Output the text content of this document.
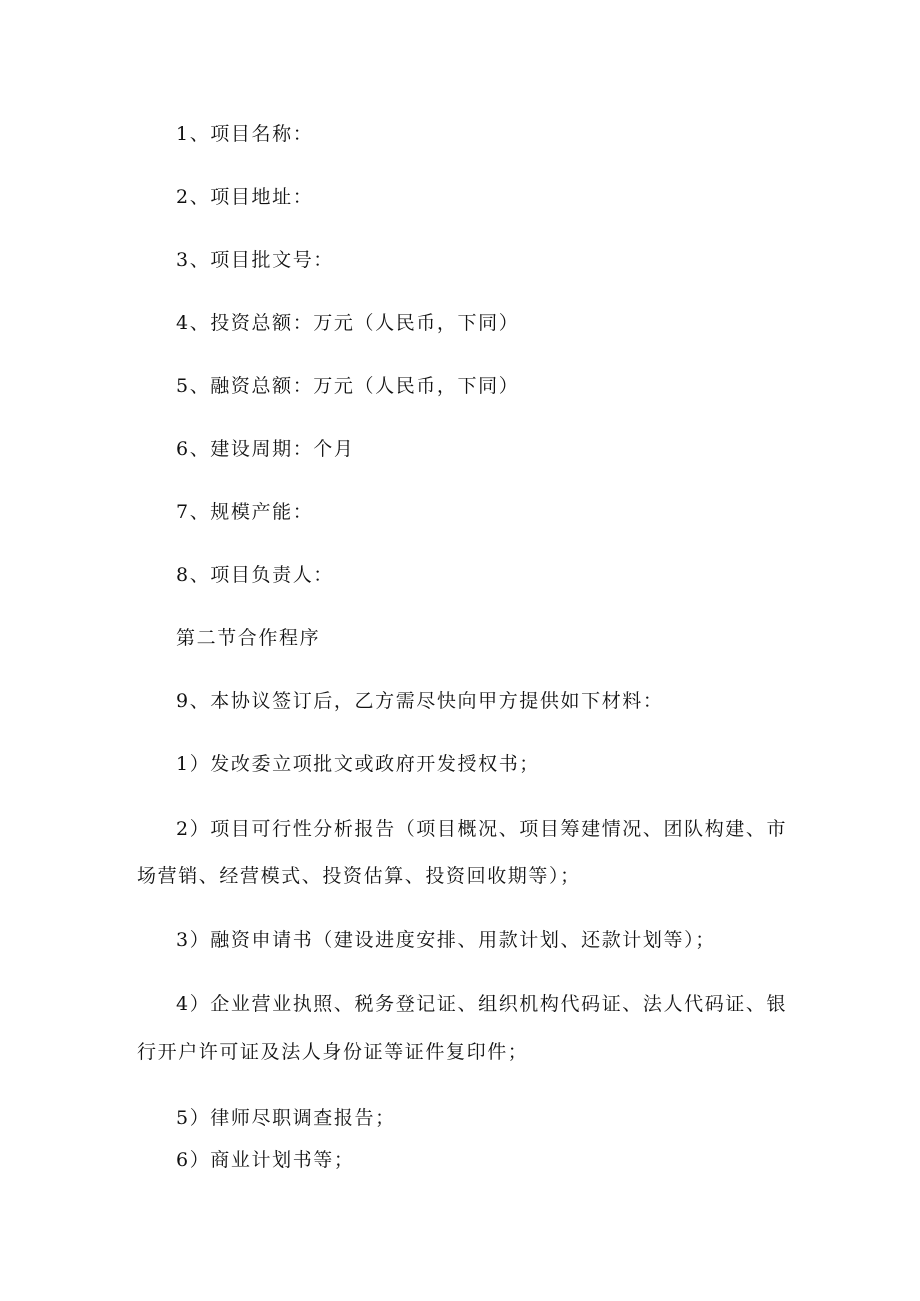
1、项目名称：
2、项目地址：
3、项目批文号：
4、投资总额：万元（人民币，下同）
5、融资总额：万元（人民币，下同）
6、建设周期：个月
7、规模产能：
8、项目负责人：
第二节合作程序
9、本协议签订后，乙方需尽快向甲方提供如下材料：
1）发改委立项批文或政府开发授权书；
2）项目可行性分析报告（项目概况、项目筹建情况、团队构建、市
场营销、经营模式、投资估算、投资回收期等）；
3）融资申请书（建设进度安排、用款计划、还款计划等）；
4）企业营业执照、税务登记证、组织机构代码证、法人代码证、银
行开户许可证及法人身份证等证件复印件；
5）律师尽职调查报告；
6）商业计划书等；
